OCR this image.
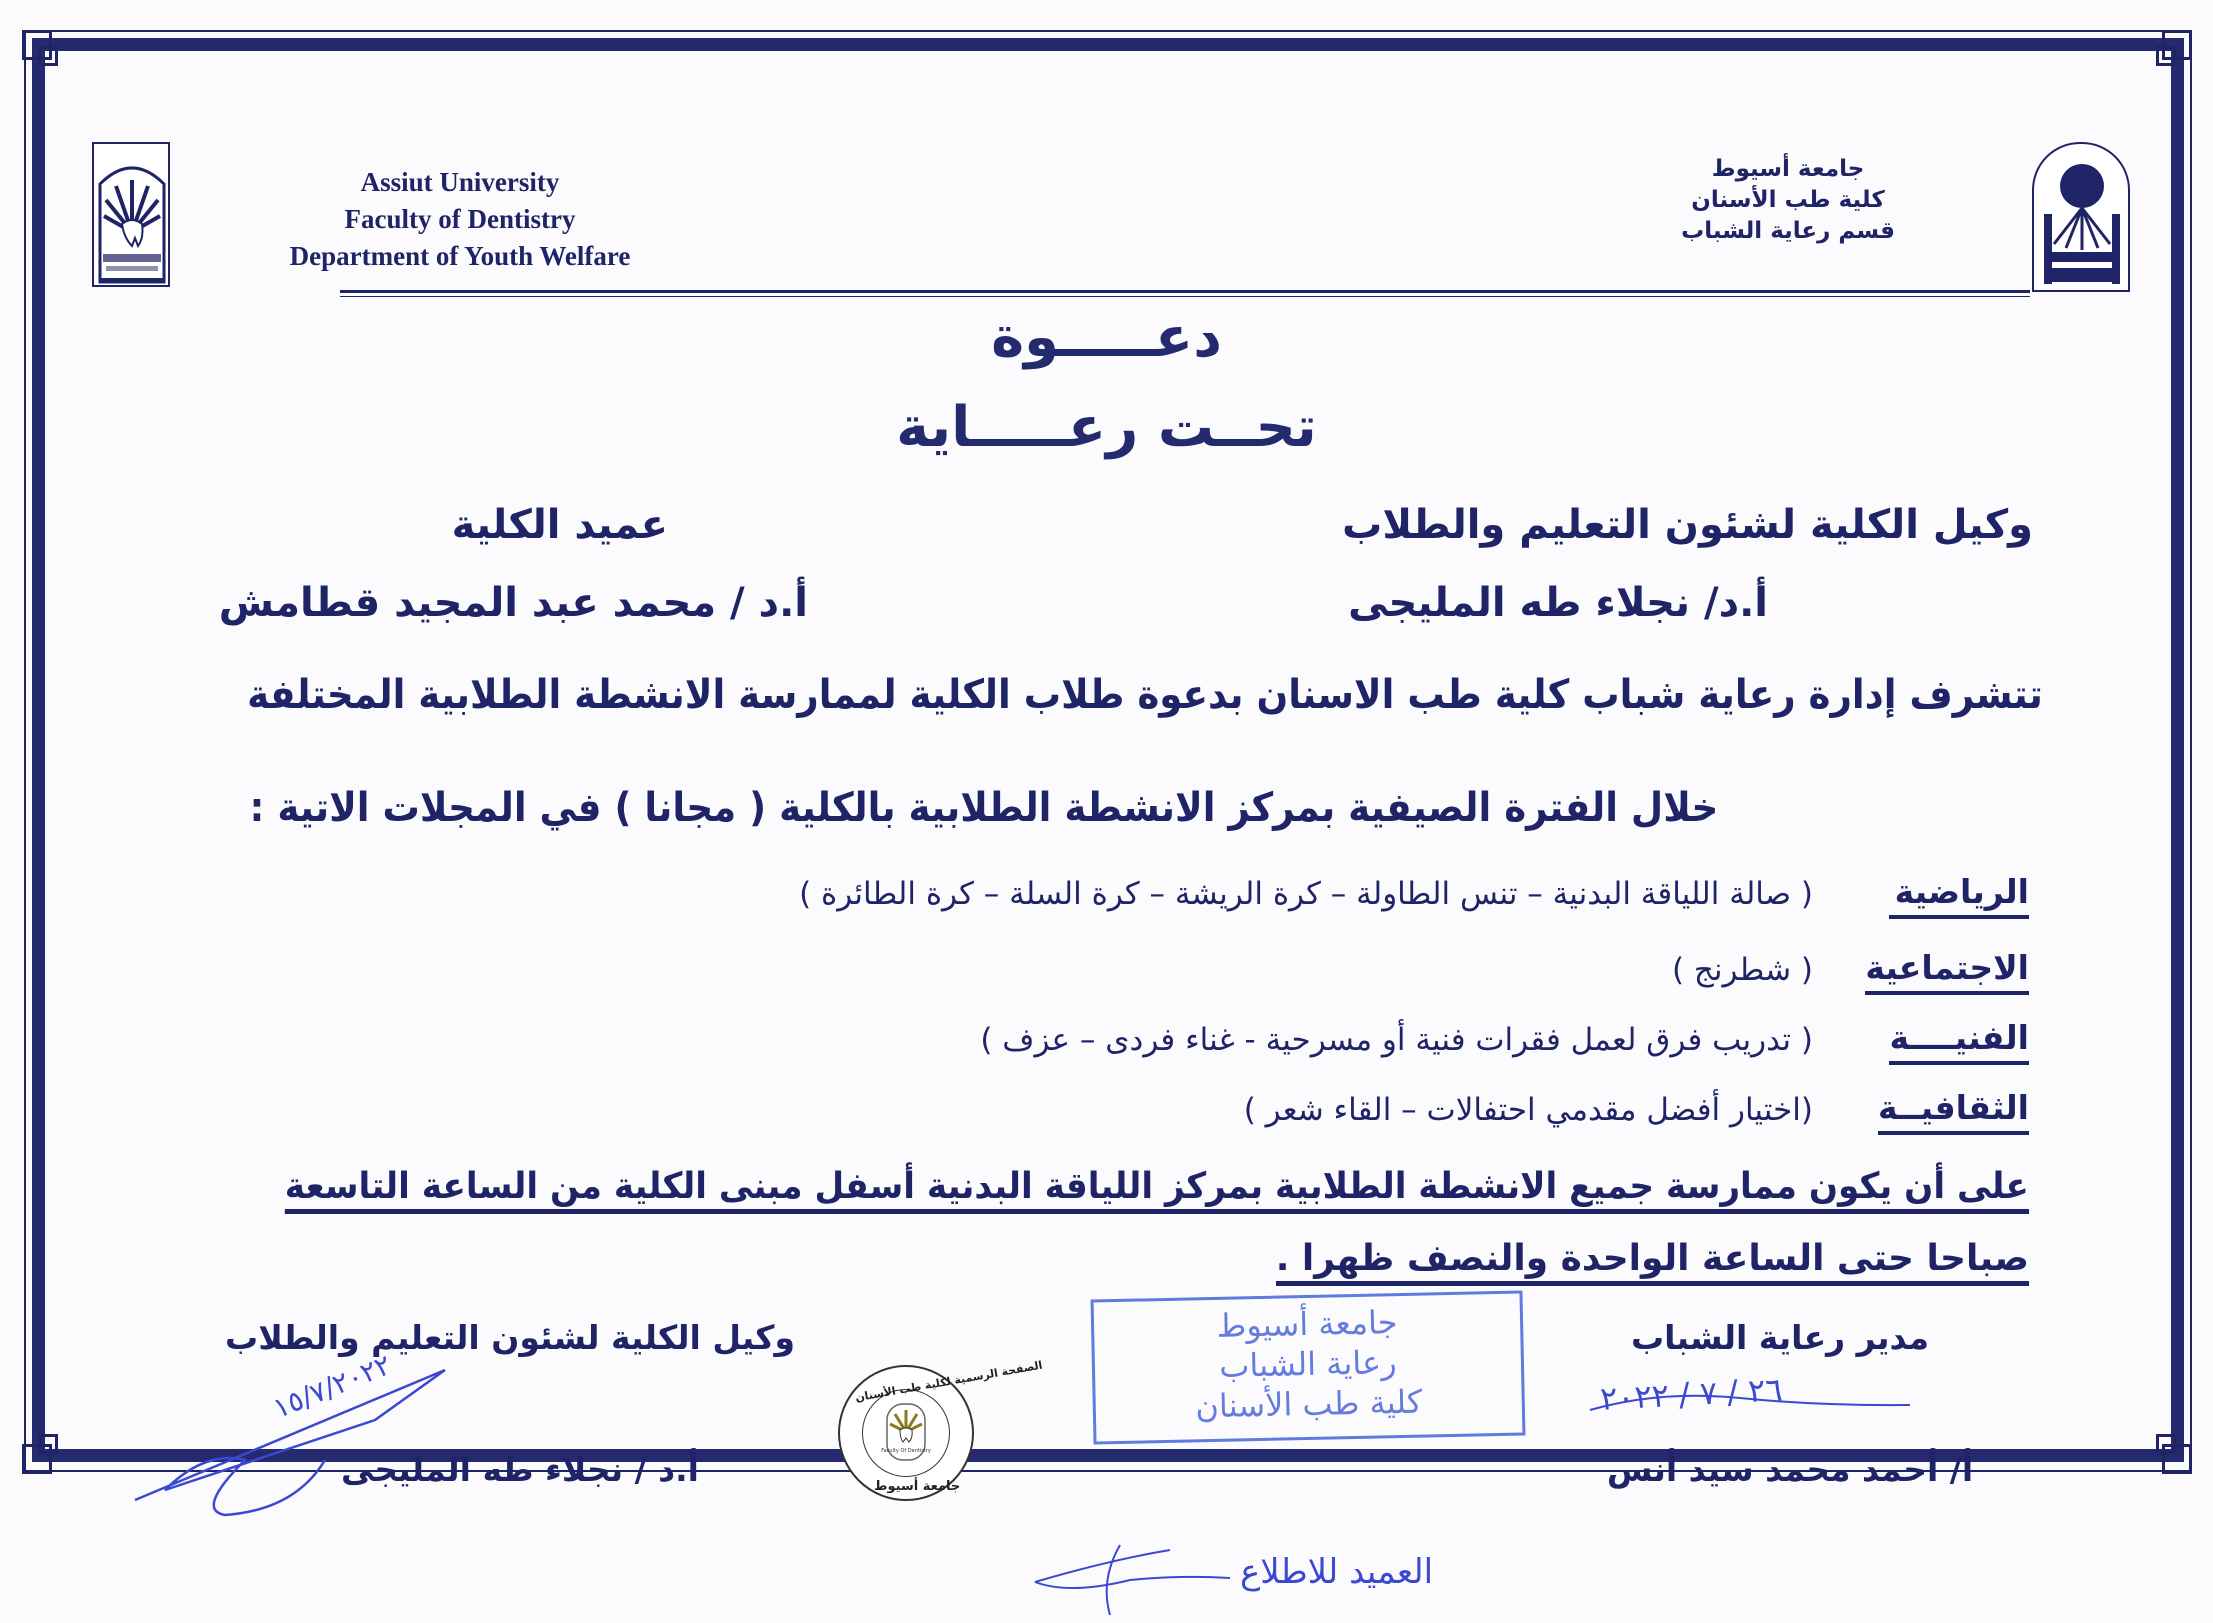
Assiut University
Faculty of Dentistry
Department of Youth Welfare
جامعة أسيوط
كلية طب الأسنان
قسم رعاية الشباب
دعـــــوة
تحــت رعـــــاية
وكيل الكلية لشئون التعليم والطلاب
عميد الكلية
أ.د/ نجلاء طه المليجى
أ.د / محمد عبد المجيد قطامش
تتشرف إدارة رعاية شباب كلية طب الاسنان بدعوة طلاب الكلية لممارسة الانشطة الطلابية المختلفة
خلال الفترة الصيفية بمركز الانشطة الطلابية بالكلية ( مجانا ) في المجلات الاتية :
الرياضية
( صالة اللياقة البدنية – تنس الطاولة – كرة الريشة – كرة السلة – كرة الطائرة )
الاجتماعية
( شطرنج )
الفنيــــة
( تدريب فرق لعمل فقرات فنية أو مسرحية - غناء فردى – عزف )
الثقافيــة
(اختيار أفضل مقدمي احتفالات – القاء شعر )
على أن يكون ممارسة جميع الانشطة الطلابية بمركز اللياقة البدنية أسفل مبنى الكلية من الساعة التاسعة
صباحا حتى الساعة الواحدة والنصف ظهرا .
وكيل الكلية لشئون التعليم والطلاب
أ.د / نجلاء طه المليجى
مدير رعاية الشباب
أ/ أحمد محمد سيد أنس
١٥/٧/٢٠٢٢	٢٦ / ٧ / ٢٠٢٢
جامعة أسيوط
رعاية الشباب
كلية طب الأسنان
Faculty Of Dentistry
الصفحة الرسمية لكلية طب الأسنان
جامعة أسيوط
العميد للاطلاع
